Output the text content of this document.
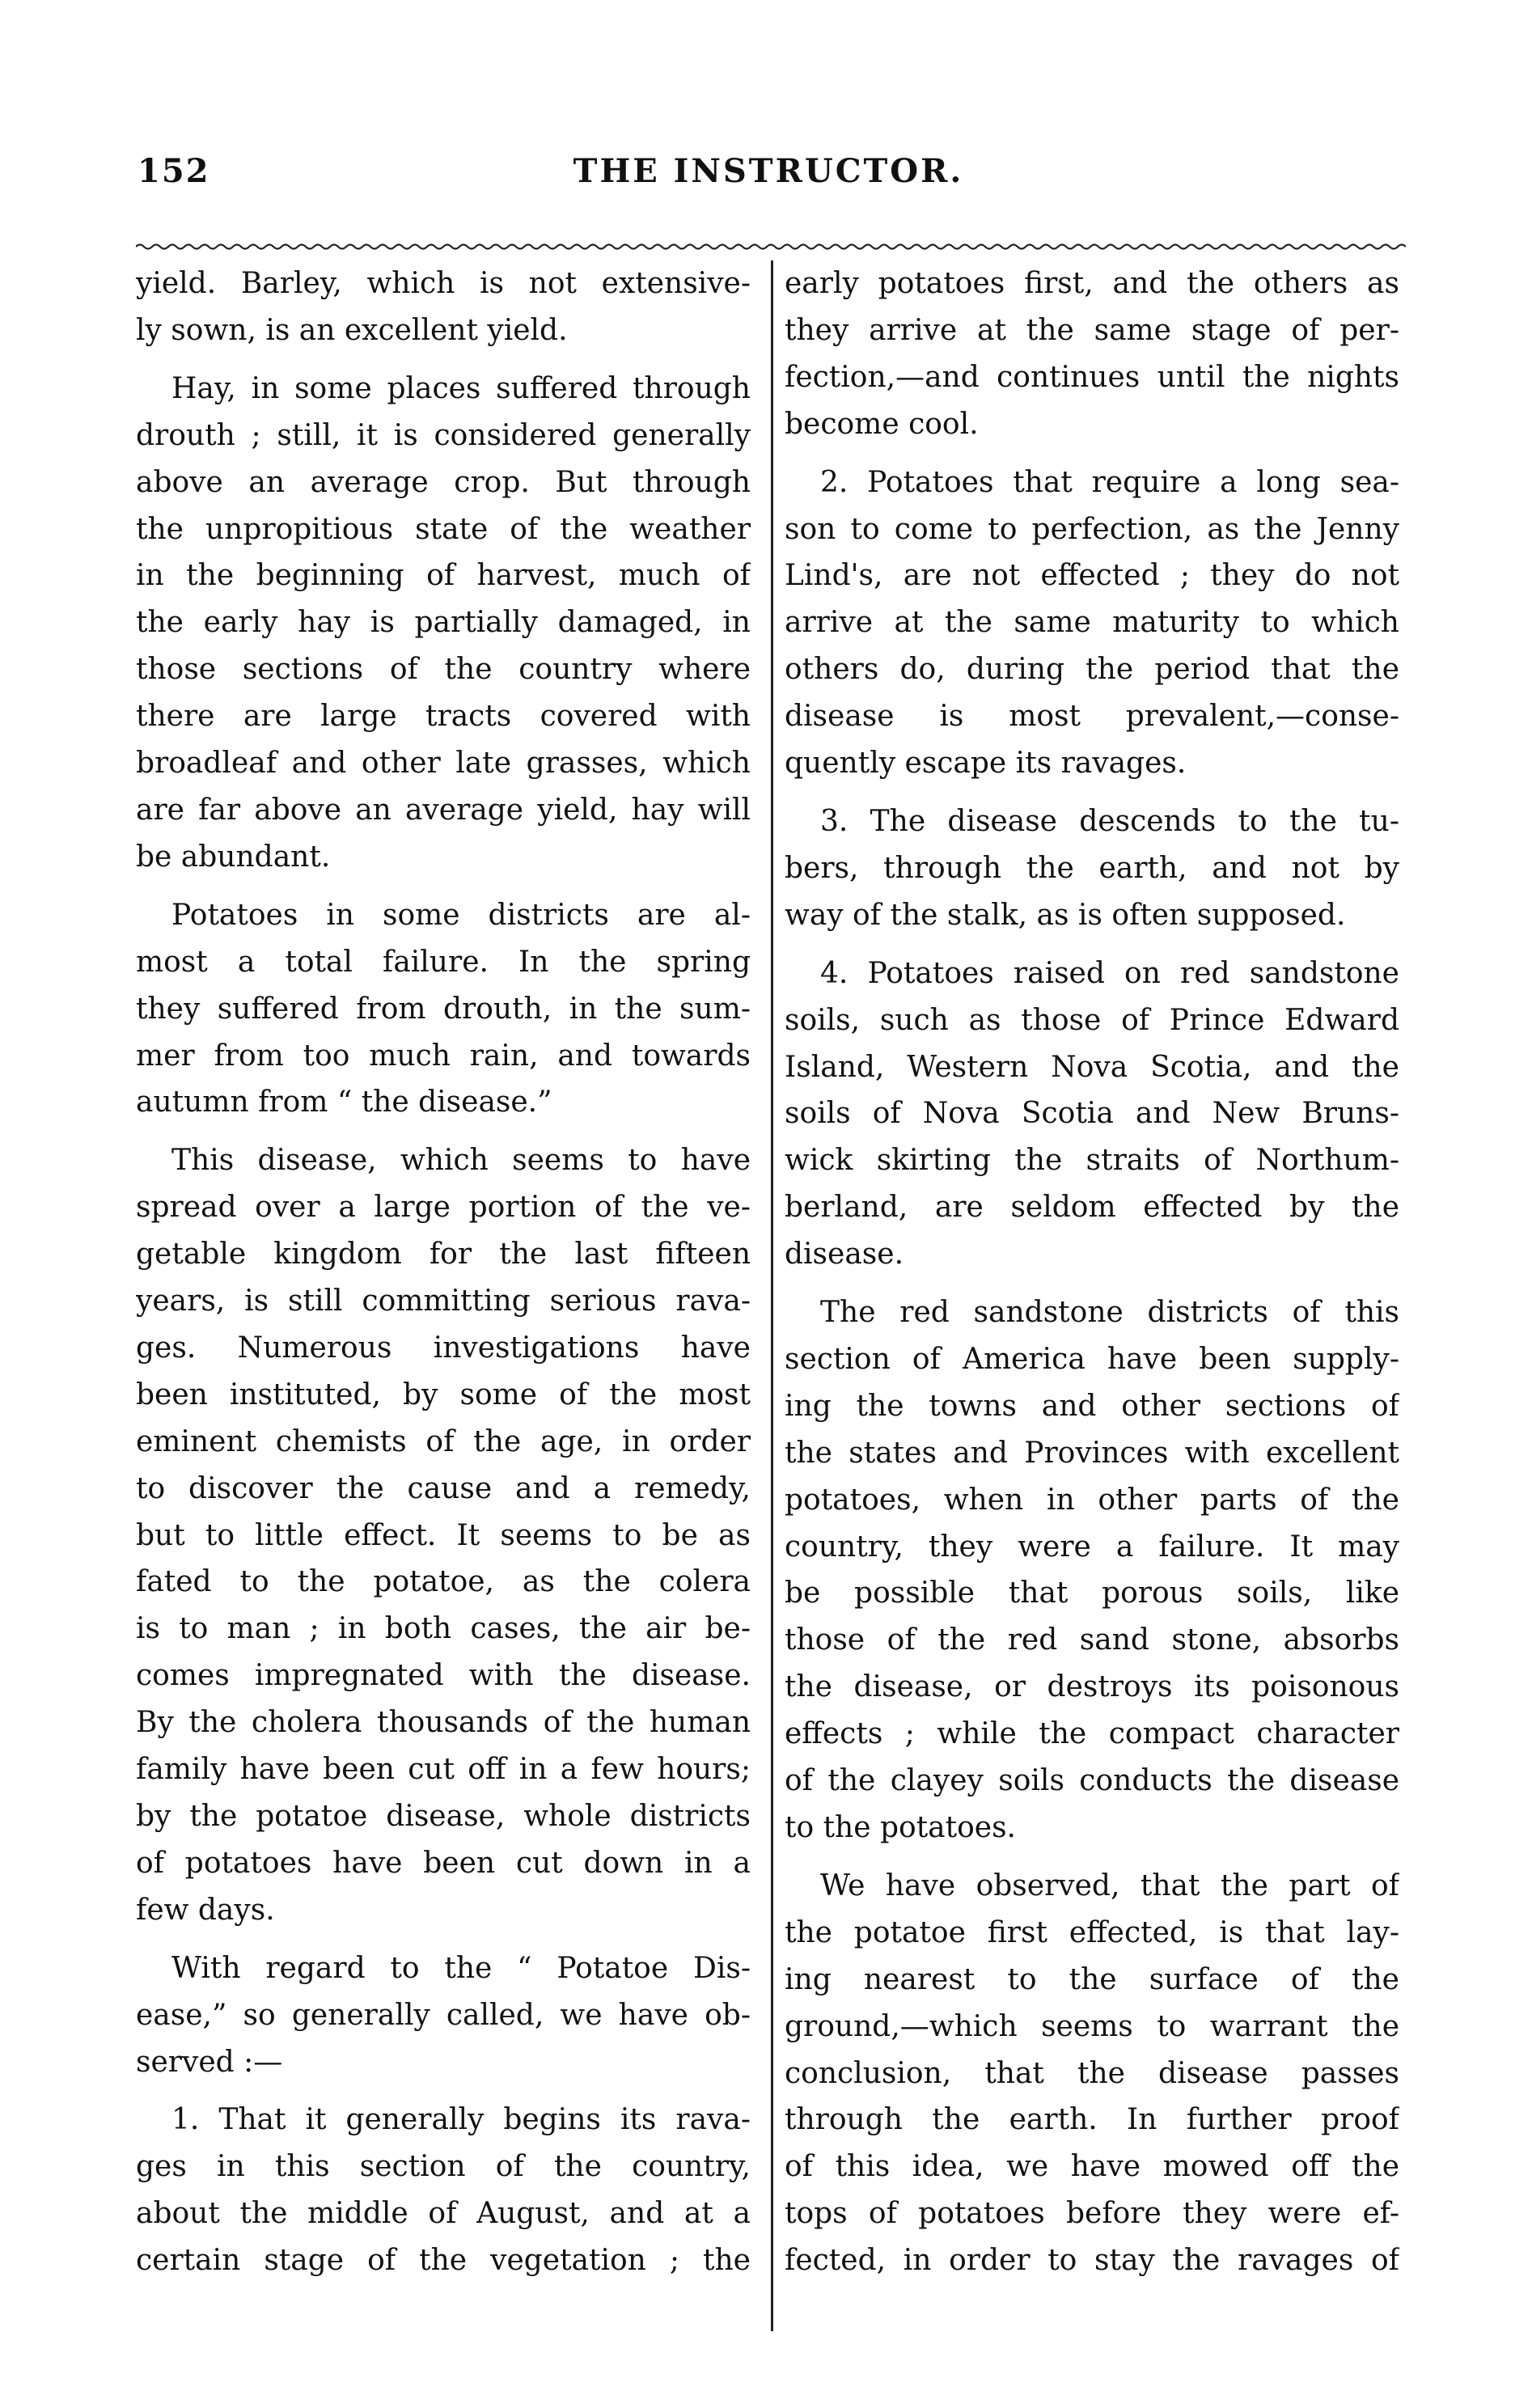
152	THE INSTRUCTOR.
yield. Barley, which is not extensive-
ly sown, is an excellent yield.
Hay, in some places suffered through
drouth ; still, it is considered generally
above an average crop. But through
the unpropitious state of the weather
in the beginning of harvest, much of
the early hay is partially damaged, in
those sections of the country where
there are large tracts covered with
broadleaf and other late grasses, which
are far above an average yield, hay will
be abundant.
Potatoes in some districts are al-
most a total failure. In the spring
they suffered from drouth, in the sum-
mer from too much rain, and towards
autumn from “ the disease.”
This disease, which seems to have
spread over a large portion of the ve-
getable kingdom for the last fifteen
years, is still committing serious rava-
ges. Numerous investigations have
been instituted, by some of the most
eminent chemists of the age, in order
to discover the cause and a remedy,
but to little effect. It seems to be as
fated to the potatoe, as the colera
is to man ; in both cases, the air be-
comes impregnated with the disease.
By the cholera thousands of the human
family have been cut off in a few hours;
by the potatoe disease, whole districts
of potatoes have been cut down in a
few days.
With regard to the “ Potatoe Dis-
ease,” so generally called, we have ob-
served :—
1. That it generally begins its rava-
ges in this section of the country,
about the middle of August, and at a
certain stage of the vegetation ; the
early potatoes first, and the others as
they arrive at the same stage of per-
fection,—and continues until the nights
become cool.
2. Potatoes that require a long sea-
son to come to perfection, as the Jenny
Lind's, are not effected ; they do not
arrive at the same maturity to which
others do, during the period that the
disease is most prevalent,—conse-
quently escape its ravages.
3. The disease descends to the tu-
bers, through the earth, and not by
way of the stalk, as is often supposed.
4. Potatoes raised on red sandstone
soils, such as those of Prince Edward
Island, Western Nova Scotia, and the
soils of Nova Scotia and New Bruns-
wick skirting the straits of Northum-
berland, are seldom effected by the
disease.
The red sandstone districts of this
section of America have been supply-
ing the towns and other sections of
the states and Provinces with excellent
potatoes, when in other parts of the
country, they were a failure. It may
be possible that porous soils, like
those of the red sand stone, absorbs
the disease, or destroys its poisonous
effects ; while the compact character
of the clayey soils conducts the disease
to the potatoes.
We have observed, that the part of
the potatoe first effected, is that lay-
ing nearest to the surface of the
ground,—which seems to warrant the
conclusion, that the disease passes
through the earth. In further proof
of this idea, we have mowed off the
tops of potatoes before they were ef-
fected, in order to stay the ravages of
